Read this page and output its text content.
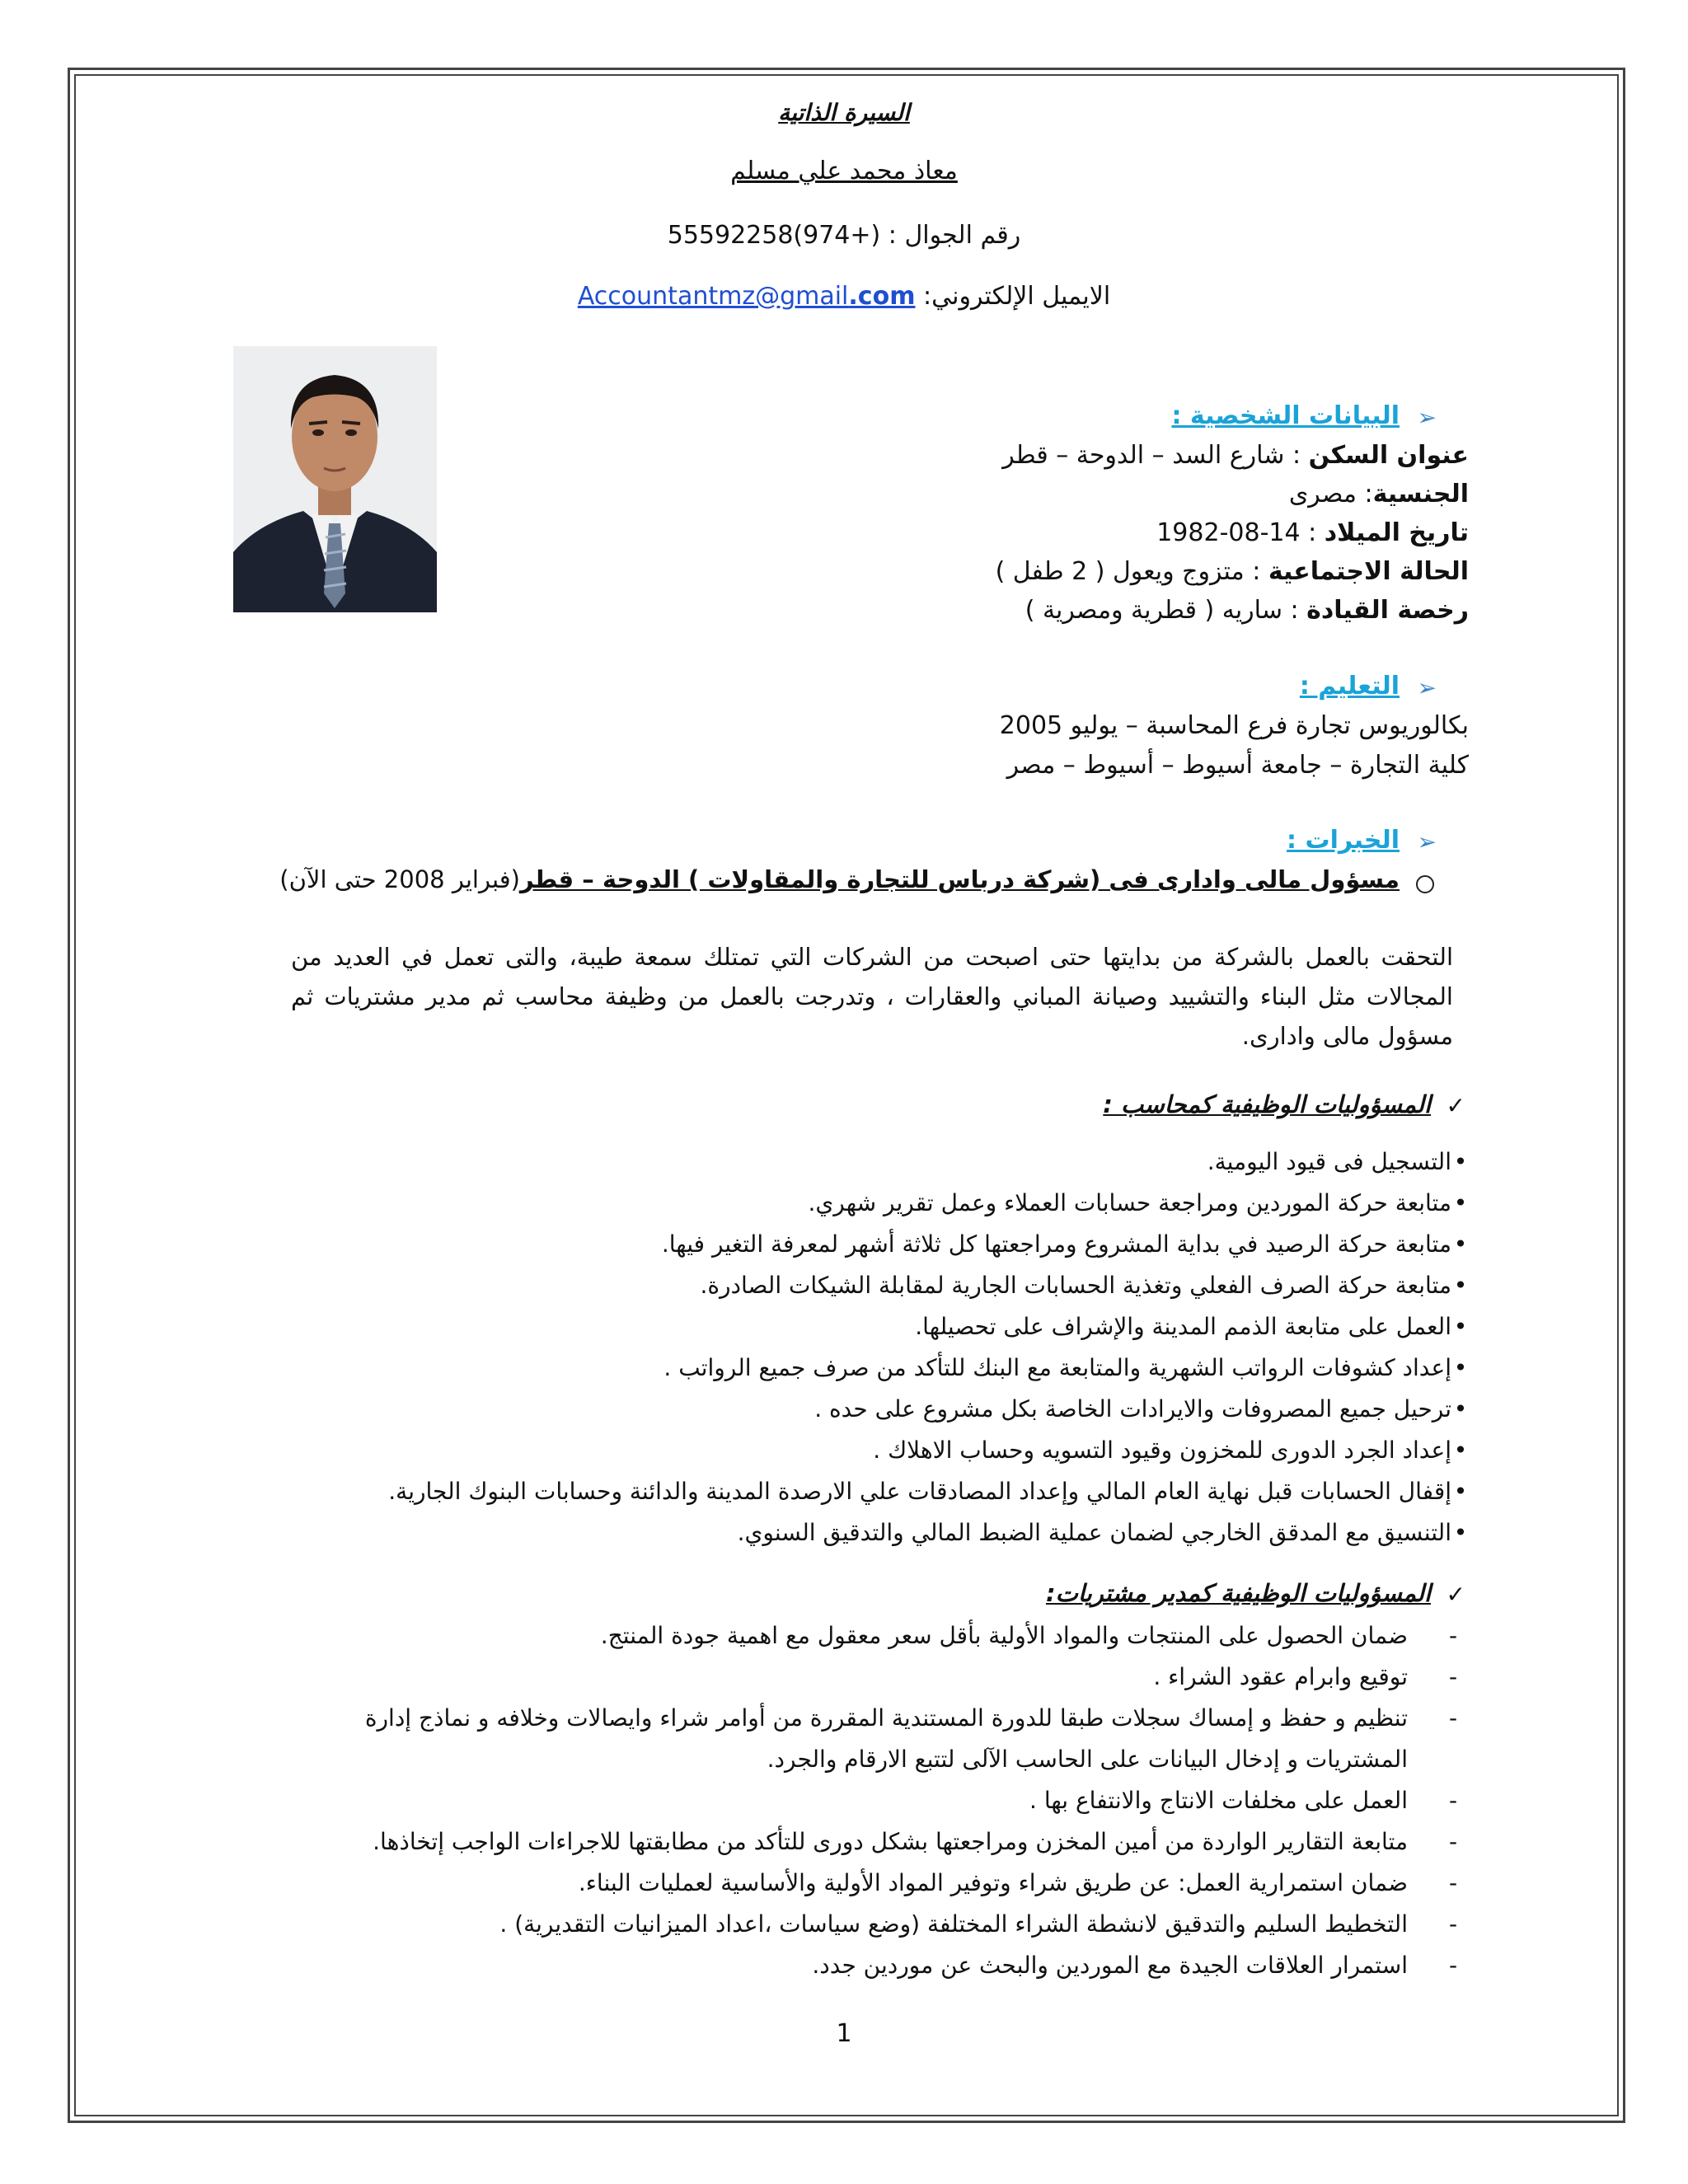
السيرة الذاتية
معاذ محمد علي مسلم
رقم الجوال : 55592258(974+)
الايميل الإلكتروني: Accountantmz@gmail.com
➢
البيانات الشخصية :
عنوان السكن : شارع السد – الدوحة – قطر
الجنسية: مصرى
تاريخ الميلاد : 14-08-1982
الحالة الاجتماعية : متزوج ويعول ( 2 طفل )
رخصة القيادة : ساريه ( قطرية ومصرية )
➢
التعليم :
بكالوريوس تجارة فرع المحاسبة – يوليو 2005
كلية التجارة – جامعة أسيوط – أسيوط – مصر
➢
الخبرات :
مسؤول مالى وادارى فى (شركة درباس للتجارة والمقاولات ) الدوحة – قطر(فبراير 2008 حتى الآن)
التحقت بالعمل بالشركة من بدايتها حتى اصبحت من الشركات التي تمتلك سمعة طيبة، والتى تعمل في العديد من المجالات مثل البناء والتشييد وصيانة المباني والعقارات ، وتدرجت بالعمل من وظيفة محاسب ثم مدير مشتريات ثم مسؤول مالى وادارى.
✓
المسؤوليات الوظيفية كمحاسب :
•التسجيل فى قيود اليومية.
•متابعة حركة الموردين ومراجعة حسابات العملاء وعمل تقرير شهري.
•متابعة حركة الرصيد في بداية المشروع ومراجعتها كل ثلاثة أشهر لمعرفة التغير فيها.
•متابعة حركة الصرف الفعلي وتغذية الحسابات الجارية لمقابلة الشيكات الصادرة.
•العمل على متابعة الذمم المدينة والإشراف على تحصيلها.
•إعداد كشوفات الرواتب الشهرية والمتابعة مع البنك للتأكد من صرف جميع الرواتب .
•ترحيل جميع المصروفات والايرادات الخاصة بكل مشروع على حده .
•إعداد الجرد الدورى للمخزون وقيود التسويه وحساب الاهلاك .
•إقفال الحسابات قبل نهاية العام المالي وإعداد المصادقات علي الارصدة المدينة والدائنة وحسابات البنوك الجارية.
•التنسيق مع المدقق الخارجي لضمان عملية الضبط المالي والتدقيق السنوي.
✓
المسؤوليات الوظيفية كمدير مشتريات:
-
ضمان الحصول على المنتجات والمواد الأولية بأقل سعر معقول مع اهمية جودة المنتج.
-
توقيع وابرام عقود الشراء .
-
تنظيم و حفظ و إمساك سجلات طبقا للدورة المستندية المقررة من أوامر شراء وايصالات وخلافه و نماذج إدارة المشتريات و إدخال البيانات على الحاسب الآلى لتتبع الارقام والجرد.
-
العمل على مخلفات الانتاج والانتفاع بها .
-
متابعة التقارير الواردة من أمين المخزن ومراجعتها بشكل دورى للتأكد من مطابقتها للاجراءات الواجب إتخاذها.
-
ضمان استمرارية العمل: عن طريق شراء وتوفير المواد الأولية والأساسية لعمليات البناء.
-
التخطيط السليم والتدقيق لانشطة الشراء المختلفة (وضع سياسات ،اعداد الميزانيات التقديرية) .
-
استمرار العلاقات الجيدة مع الموردين والبحث عن موردين جدد.
1
